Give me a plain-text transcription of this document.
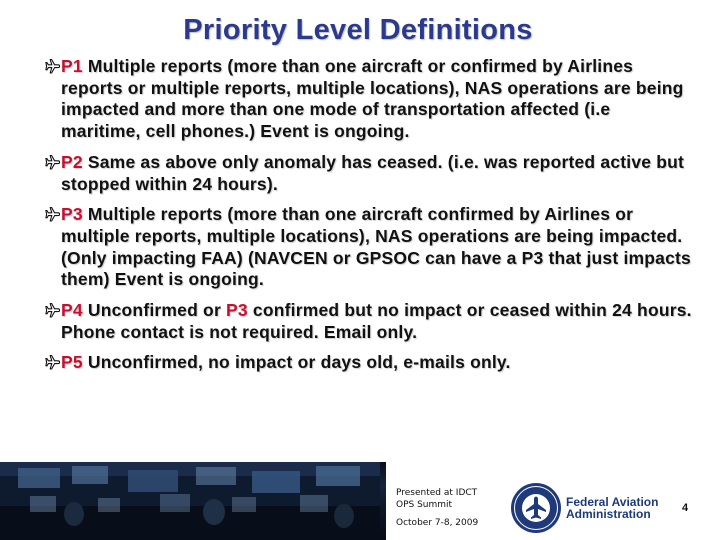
Priority Level Definitions
P1 Multiple reports (more than one aircraft or confirmed by Airlines reports or multiple reports, multiple locations), NAS operations are being impacted and more than one mode of transportation affected (i.e maritime, cell phones.) Event is ongoing.
P2 Same as above only anomaly has ceased. (i.e. was reported active but stopped within 24 hours).
P3 Multiple reports (more than one aircraft confirmed by Airlines or multiple reports, multiple locations), NAS operations are being impacted. (Only impacting FAA) (NAVCEN or GPSOC can have a P3 that just impacts them) Event is ongoing.
P4 Unconfirmed or P3 confirmed but no impact or ceased within 24 hours. Phone contact is not required. Email only.
P5 Unconfirmed, no impact or days old, e-mails only.
Presented at IDCT
OPS Summit
October 7-8, 2009
Federal Aviation
Administration	4
